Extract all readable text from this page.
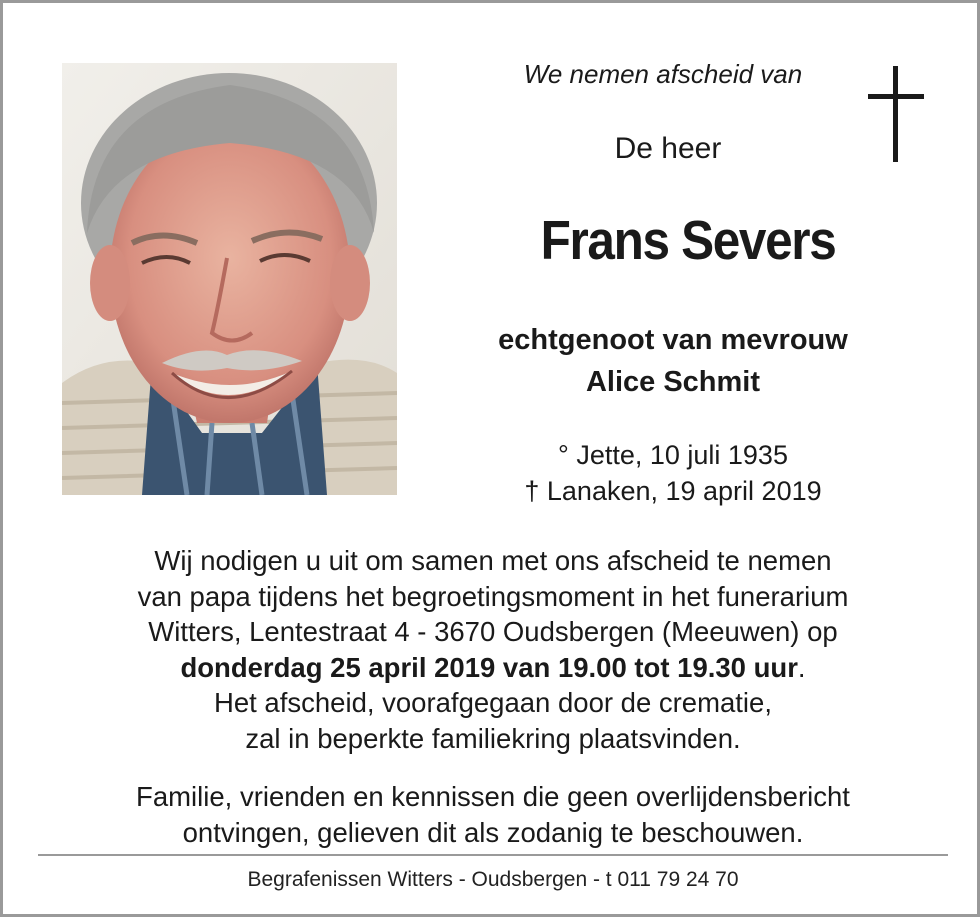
We nemen afscheid van
De heer
Frans Severs
echtgenoot van mevrouw
Alice Schmit
° Jette, 10 juli 1935
† Lanaken, 19 april 2019

Wij nodigen u uit om samen met ons afscheid te nemen

van papa tijdens het begroetingsmoment in het funerarium

Witters, Lentestraat 4 - 3670 Oudsbergen (Meeuwen) op

donderdag 25 april 2019 van 19.00 tot 19.30 uur.

Het afscheid, voorafgegaan door de crematie,

zal in beperkte familiekring plaatsvinden.

Familie, vrienden en kennissen die geen overlijdensbericht

ontvingen, gelieven dit als zodanig te beschouwen.

Begrafenissen Witters - Oudsbergen - t 011 79 24 70
